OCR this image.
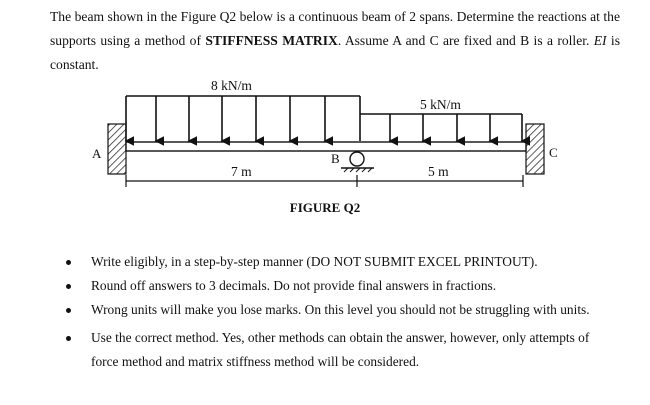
The beam shown in the Figure Q2 below is a continuous beam of 2 spans. Determine the reactions at the supports using a method of STIFFNESS MATRIX. Assume A and C are fixed and B is a roller. EI is constant.
A	C
8 kN/m
5 kN/m
B
7 m	5 m
FIGURE Q2
Write eligibly, in a step-by-step manner (DO NOT SUBMIT EXCEL PRINTOUT).
Round off answers to 3 decimals. Do not provide final answers in fractions.
Wrong units will make you lose marks. On this level you should not be struggling with units.
Use the correct method. Yes, other methods can obtain the answer, however, only attempts of force method and matrix stiffness method will be considered.
